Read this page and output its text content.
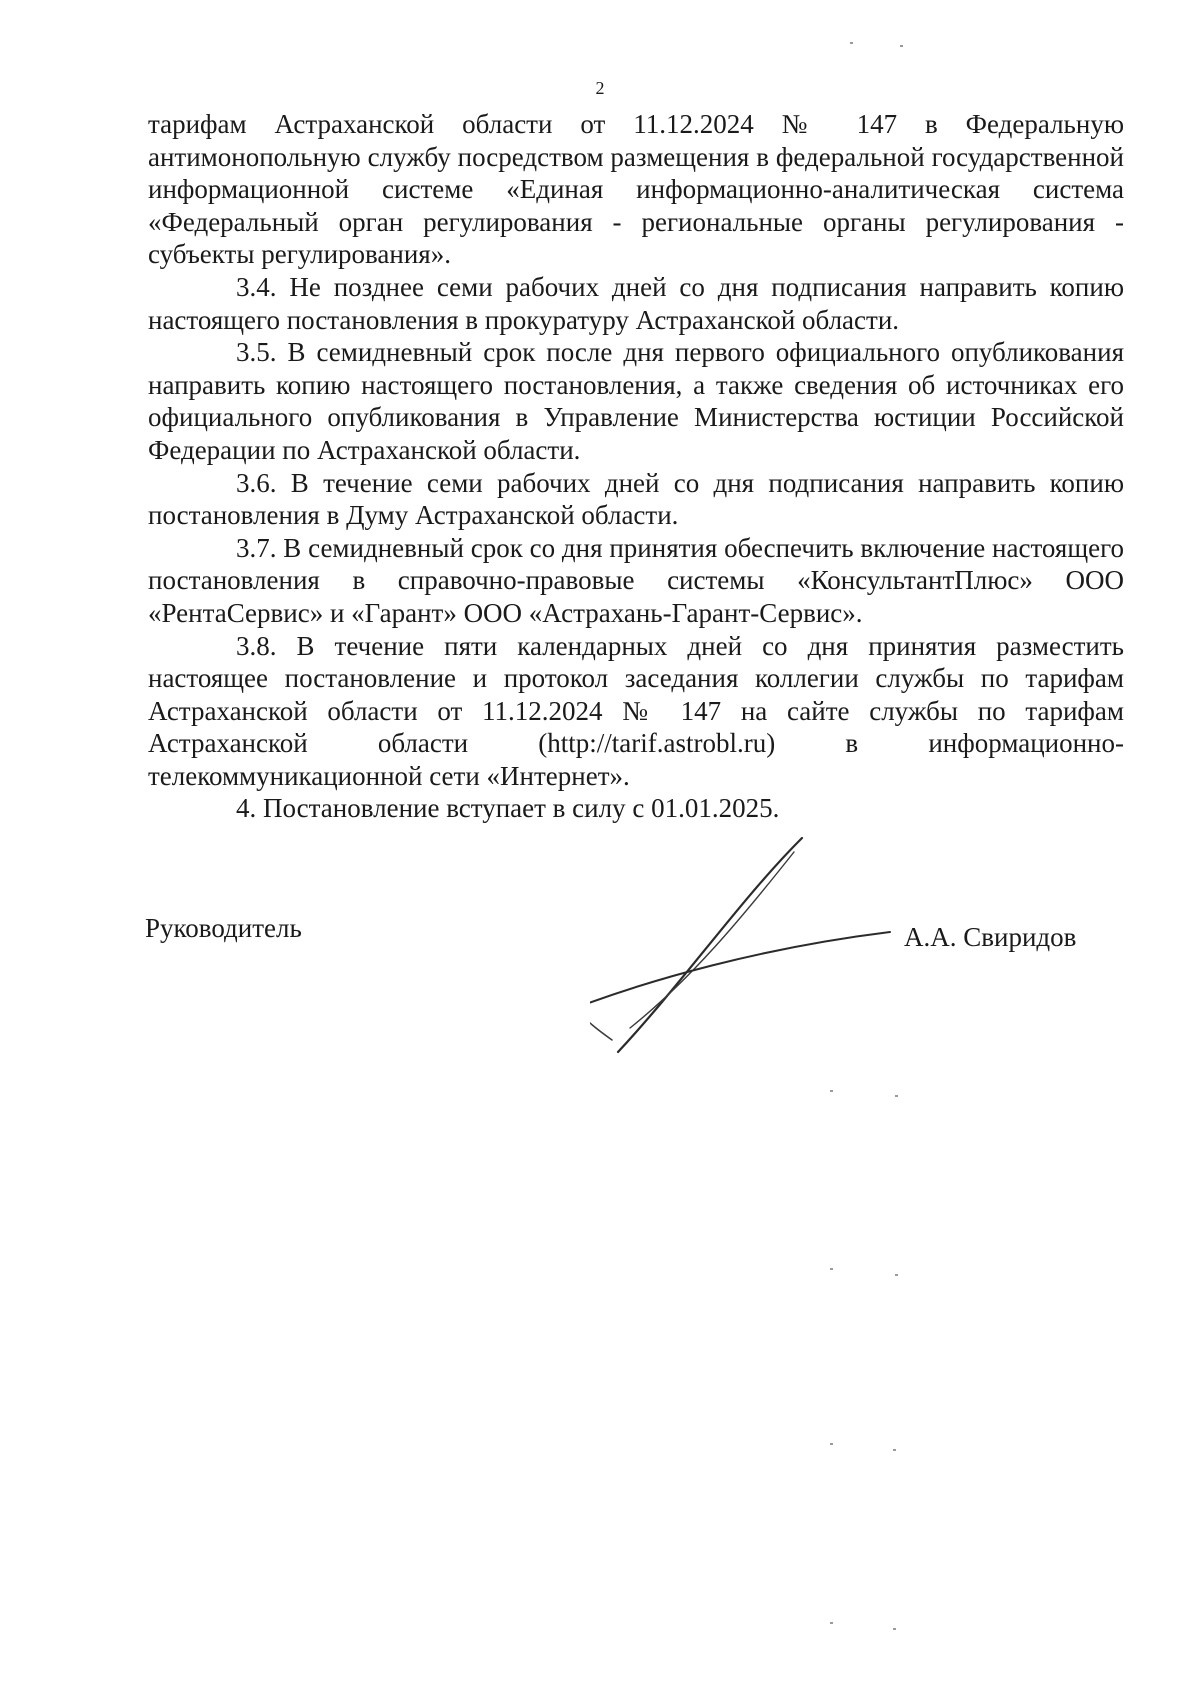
2

тарифам Астраханской области от 11.12.2024 № 147 в Федеральную антимонопольную службу посредством размещения в федеральной государственной информационной системе «Единая информационно-аналитическая система «Федеральный орган регулирования - региональные органы регулирования - субъекты регулирования».

3.4. Не позднее семи рабочих дней со дня подписания направить копию настоящего постановления в прокуратуру Астраханской области.

3.5. В семидневный срок после дня первого официального опубликования направить копию настоящего постановления, а также сведения об источниках его официального опубликования в Управление Министерства юстиции Российской Федерации по Астраханской области.

3.6. В течение семи рабочих дней со дня подписания направить копию постановления в Думу Астраханской области.

3.7. В семидневный срок со дня принятия обеспечить включение настоящего постановления в справочно-правовые системы «КонсультантПлюс» ООО «РентаСервис» и «Гарант» ООО «Астрахань-Гарант-Сервис».

3.8. В течение пяти календарных дней со дня принятия разместить настоящее постановление и протокол заседания коллегии службы по тарифам Астраханской области от 11.12.2024 № 147 на сайте службы по тарифам Астраханской области (http://tarif.astrobl.ru) в информационно-телекоммуникационной сети «Интернет».

4. Постановление вступает в силу с 01.01.2025.

Руководитель	А.А. Свиридов
